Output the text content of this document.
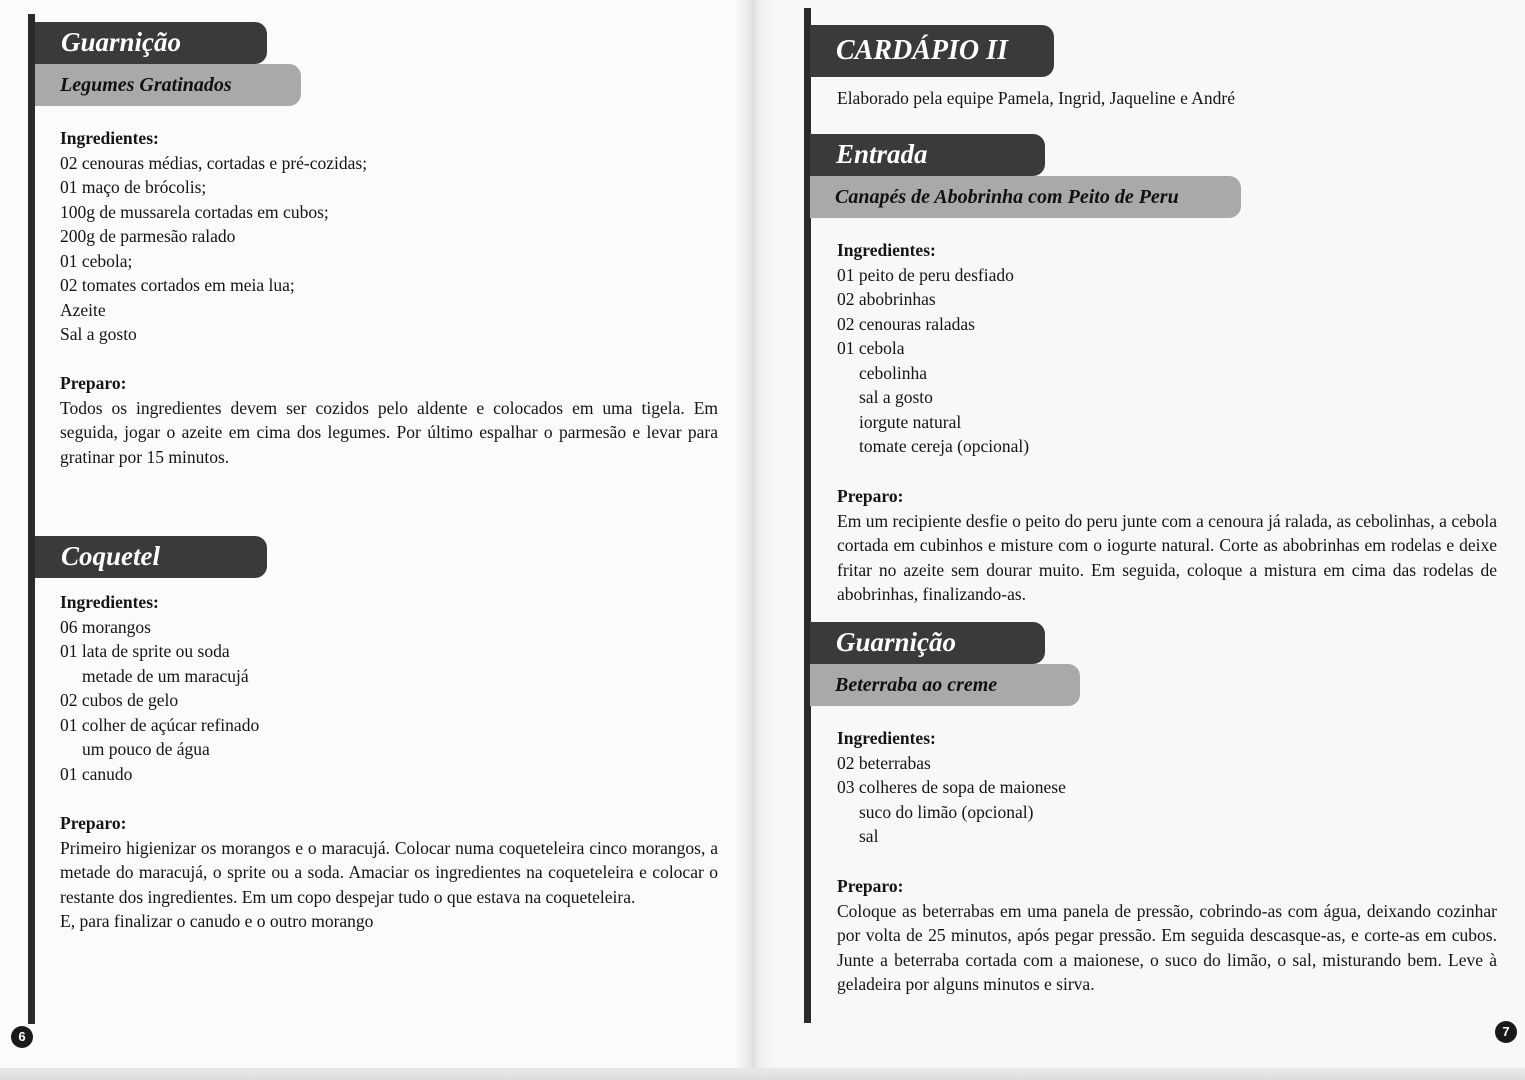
Guarnição
Legumes Gratinados
Ingredientes:
02 cenouras médias, cortadas e pré-cozidas;
01 maço de brócolis;
100g de mussarela cortadas em cubos;
200g de parmesão ralado
01 cebola;
02 tomates cortados em meia lua;
Azeite
Sal a gosto
Preparo:
Todos os ingredientes devem ser cozidos pelo aldente e colocados em uma tigela. Em seguida, jogar o azeite em cima dos legumes. Por último espalhar o parmesão e levar para gratinar por 15 minutos.
Coquetel
Ingredientes:
06 morangos
01 lata de sprite ou soda
metade de um maracujá
02 cubos de gelo
01 colher de açúcar refinado
um pouco de água
01 canudo
Preparo:
Primeiro higienizar os morangos e o maracujá. Colocar numa coqueteleira cinco morangos, a metade do maracujá, o sprite ou a soda. Amaciar os ingredientes na coqueteleira e colocar o restante dos ingredientes. Em um copo despejar tudo o que estava na coqueteleira.
E, para finalizar o canudo e o outro morango
6
CARDÁPIO II
Elaborado pela equipe Pamela, Ingrid, Jaqueline e André
Entrada
Canapés de Abobrinha com Peito de Peru
Ingredientes:
01 peito de peru desfiado
02 abobrinhas
02 cenouras raladas
01 cebola
cebolinha
sal a gosto
iorgute natural
tomate cereja (opcional)
Preparo:
Em um recipiente desfie o peito do peru junte com a cenoura já ralada, as cebolinhas, a cebola cortada em cubinhos e misture com o iogurte natural. Corte as abobrinhas em rodelas e deixe fritar no azeite sem dourar muito. Em seguida, coloque a mistura em cima das rodelas de abobrinhas, finalizando-as.
Guarnição
Beterraba ao creme
Ingredientes:
02 beterrabas
03 colheres de sopa de maionese
suco do limão (opcional)
sal
Preparo:
Coloque as beterrabas em uma panela de pressão, cobrindo-as com água, deixando cozinhar por volta de 25 minutos, após pegar pressão. Em seguida descasque-as, e corte-as em cubos. Junte a beterraba cortada com a maionese, o suco do limão, o sal, misturando bem. Leve à geladeira por alguns minutos e sirva.
7
